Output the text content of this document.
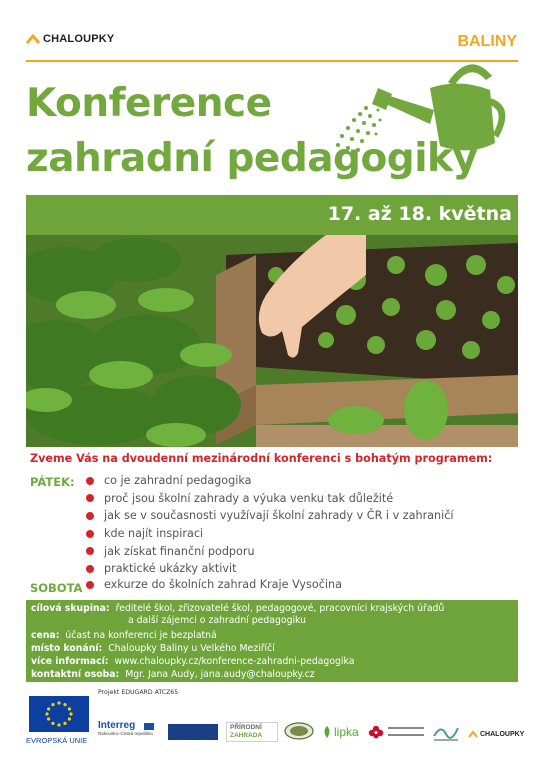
CHALOUPKY	BALINY
Konference
zahradní pedagogiky
17. až 18. května
Zveme Vás na dvoudenní mezinárodní konferenci s bohatým programem:
PÁTEK:	co je zahradní pedagogika
proč jsou školní zahrady a výuka venku tak důležité
jak se v současnosti využívají školní zahrady v ČR i v zahraničí
kde najít inspiraci
jak získat finanční podporu
praktické ukázky aktivit
SOBOTA exkurze do školních zahrad Kraje Vysočina
cílová skupina: ředitelé škol, zřizovatelé škol, pedagogové, pracovníci krajských úřadů
a další zájemci o zahradní pedagogiku
cena: účast na konferenci je bezplatná
místo konání: Chaloupky Baliny u Velkého Meziříčí
více informací: www.chaloupky.cz/konference-zahradni-pedagogika
kontaktní osoba: Mgr. Jana Audy, jana.audy@chaloupky.cz
Projekt EDUGARD ATCZ65
EVROPSKÁ UNIE
Interreg
Rakousko–Česká republika
PŘÍRODNÍ
ZAHRADA	lipka	CHALOUPKY
